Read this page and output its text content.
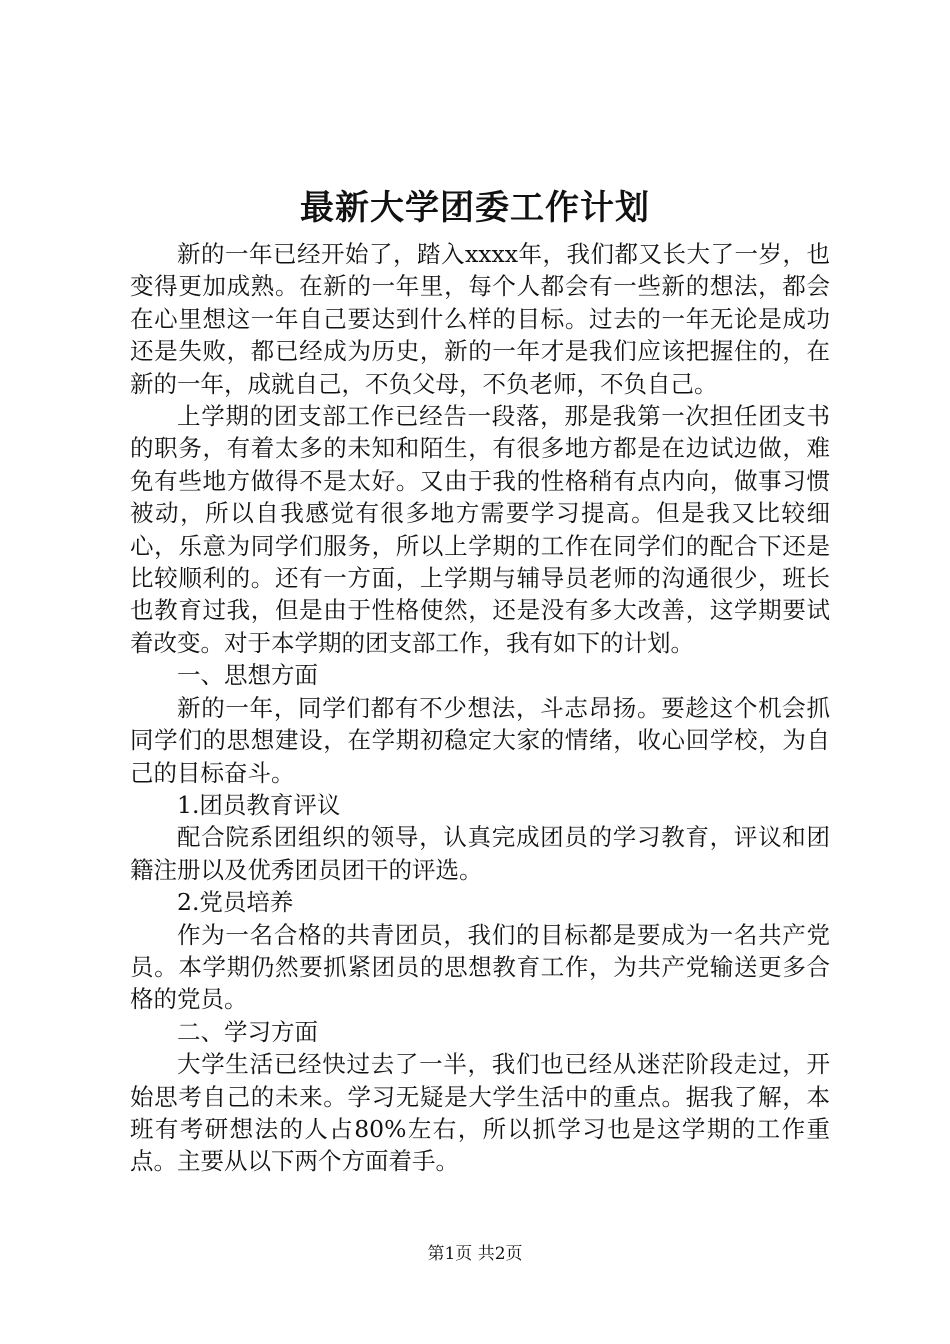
最新大学团委工作计划

新的一年已经开始了，踏入xxxx年，我们都又长大了一岁，也变得更加成熟。在新的一年里，每个人都会有一些新的想法，都会在心里想这一年自己要达到什么样的目标。过去的一年无论是成功还是失败，都已经成为历史，新的一年才是我们应该把握住的，在新的一年，成就自己，不负父母，不负老师，不负自己。

上学期的团支部工作已经告一段落，那是我第一次担任团支书的职务，有着太多的未知和陌生，有很多地方都是在边试边做，难免有些地方做得不是太好。又由于我的性格稍有点内向，做事习惯被动，所以自我感觉有很多地方需要学习提高。但是我又比较细心，乐意为同学们服务，所以上学期的工作在同学们的配合下还是比较顺利的。还有一方面，上学期与辅导员老师的沟通很少，班长也教育过我，但是由于性格使然，还是没有多大改善，这学期要试着改变。对于本学期的团支部工作，我有如下的计划。

一、思想方面

新的一年，同学们都有不少想法，斗志昂扬。要趁这个机会抓同学们的思想建设，在学期初稳定大家的情绪，收心回学校，为自己的目标奋斗。

1.团员教育评议

配合院系团组织的领导，认真完成团员的学习教育，评议和团籍注册以及优秀团员团干的评选。

2.党员培养

作为一名合格的共青团员，我们的目标都是要成为一名共产党员。本学期仍然要抓紧团员的思想教育工作，为共产党输送更多合格的党员。

二、学习方面

大学生活已经快过去了一半，我们也已经从迷茫阶段走过，开始思考自己的未来。学习无疑是大学生活中的重点。据我了解，本班有考研想法的人占80%左右，所以抓学习也是这学期的工作重点。主要从以下两个方面着手。

第1页 共2页
